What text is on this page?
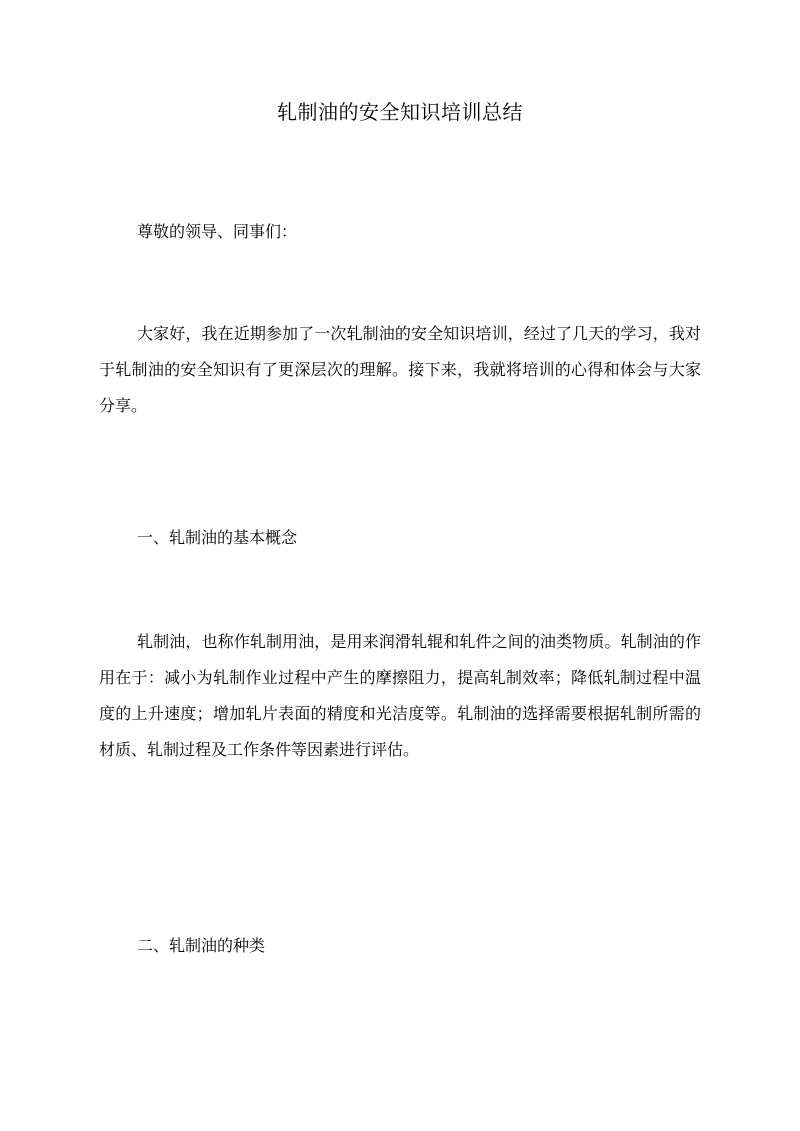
轧制油的安全知识培训总结

尊敬的领导、同事们：

大家好，我在近期参加了一次轧制油的安全知识培训，经过了几天的学习，我对于轧制油的安全知识有了更深层次的理解。接下来，我就将培训的心得和体会与大家分享。

一、轧制油的基本概念

轧制油，也称作轧制用油，是用来润滑轧辊和轧件之间的油类物质。轧制油的作用在于：减小为轧制作业过程中产生的摩擦阻力，提高轧制效率；降低轧制过程中温度的上升速度；增加轧片表面的精度和光洁度等。轧制油的选择需要根据轧制所需的材质、轧制过程及工作条件等因素进行评估。

二、轧制油的种类
